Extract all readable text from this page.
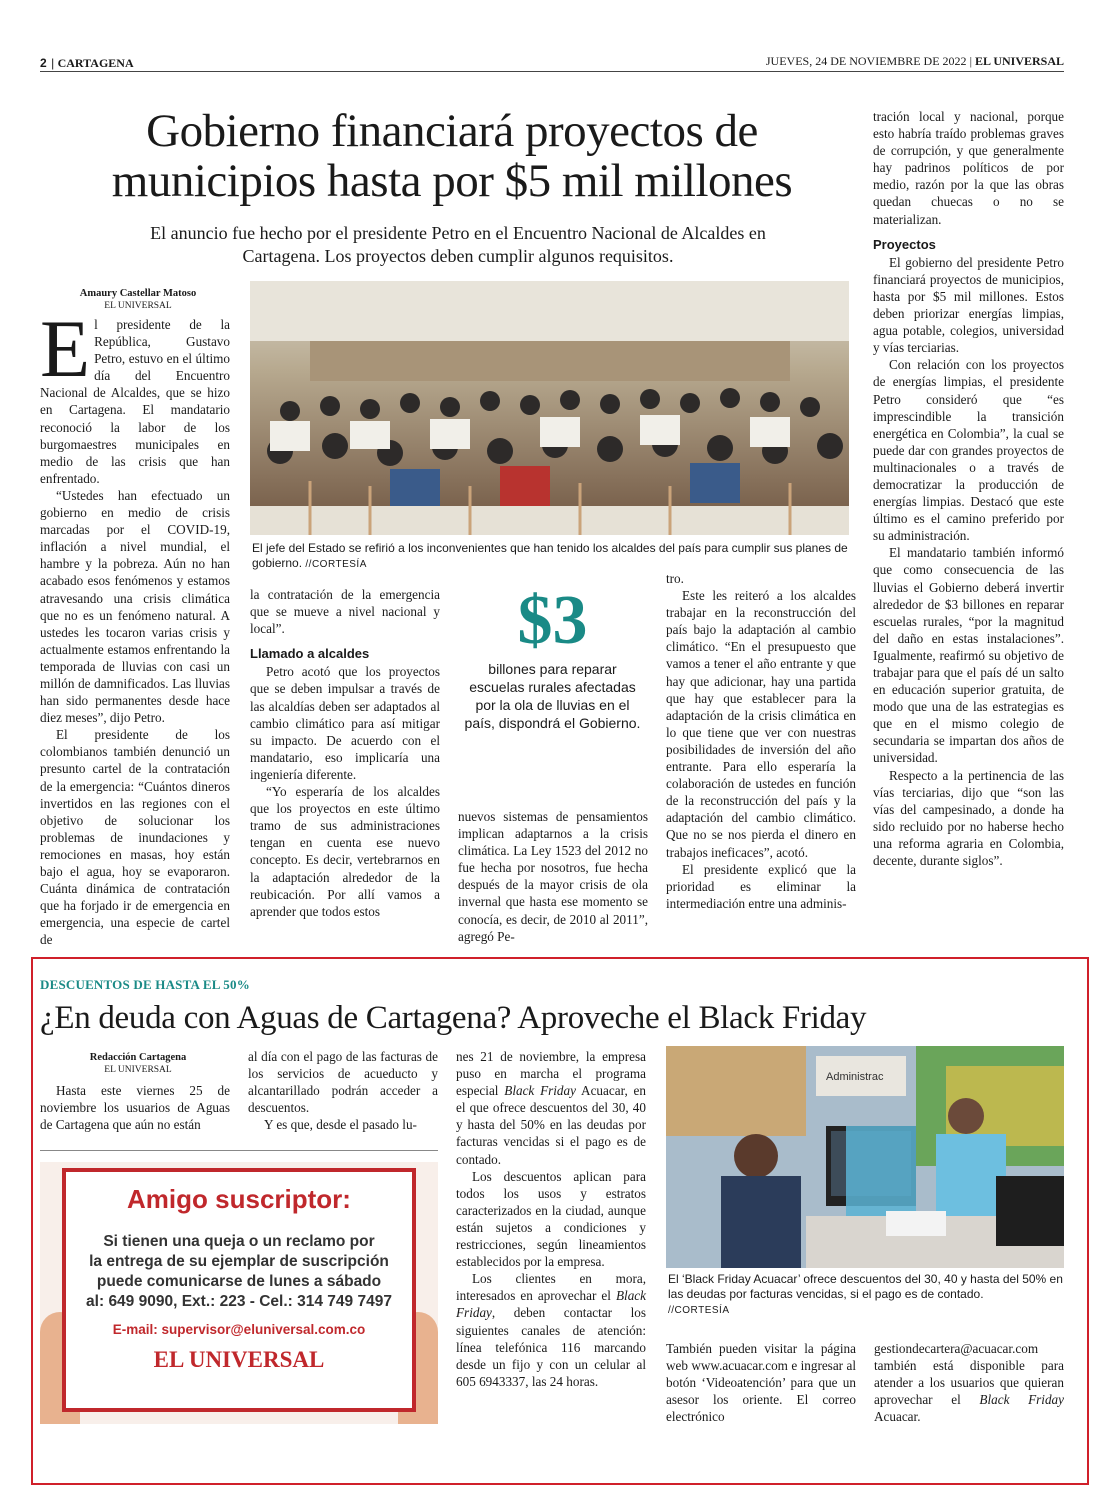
2 | CARTAGENA	JUEVES, 24 DE NOVIEMBRE DE 2022 | EL UNIVERSAL
Gobierno financiará proyectos de municipios hasta por $5 mil millones
El anuncio fue hecho por el presidente Petro en el Encuentro Nacional de Alcaldes en Cartagena. Los proyectos deben cumplir algunos requisitos.
Amaury Castellar Matoso
EL UNIVERSAL
E l presidente de la República, Gustavo Petro, estuvo en el último día del Encuentro Nacional de Alcaldes, que se hizo en Cartagena. El mandatario reconoció la labor de los burgomaestres municipales en medio de las crisis que han enfrentado.

“Ustedes han efectuado un gobierno en medio de crisis marcadas por el COVID-19, inflación a nivel mundial, el hambre y la pobreza. Aún no han acabado esos fenómenos y estamos atravesando una crisis climática que no es un fenómeno natural. A ustedes les tocaron varias crisis y actualmente estamos enfrentando la temporada de lluvias con casi un millón de damnificados. Las lluvias han sido permanentes desde hace diez meses”, dijo Petro.

El presidente de los colombianos también denunció un presunto cartel de la contratación de la emergencia: “Cuántos dineros invertidos en las regiones con el objetivo de solucionar los problemas de inundaciones y remociones en masas, hoy están bajo el agua, hoy se evaporaron. Cuánta dinámica de contratación que ha forjado ir de emergencia en emergencia, una especie de cartel de

El jefe del Estado se refirió a los inconvenientes que han tenido los alcaldes del país para cumplir sus planes de gobierno. //CORTESÍA

la contratación de la emergencia que se mueve a nivel nacional y local”.

Llamado a alcaldes

Petro acotó que los proyectos que se deben impulsar a través de las alcaldías deben ser adaptados al cambio climático para así mitigar su impacto. De acuerdo con el mandatario, eso implicaría una ingeniería diferente.

“Yo esperaría de los alcaldes que los proyectos en este último tramo de sus administraciones tengan en cuenta ese nuevo concepto. Es decir, vertebrarnos en la adaptación alrededor de la reubicación. Por allí vamos a aprender que todos estos

$3
billones para reparar escuelas rurales afectadas por la ola de lluvias en el país, dispondrá el Gobierno.

nuevos sistemas de pensamientos implican adaptarnos a la crisis climática. La Ley 1523 del 2012 no fue hecha por nosotros, fue hecha después de la mayor crisis de ola invernal que hasta ese momento se conocía, es decir, de 2010 al 2011”, agregó Pe-

tro.

Este les reiteró a los alcaldes trabajar en la reconstrucción del país bajo la adaptación al cambio climático. “En el presupuesto que vamos a tener el año entrante y que hay que adicionar, hay una partida que hay que establecer para la adaptación de la crisis climática en lo que tiene que ver con nuestras posibilidades de inversión del año entrante. Para ello esperaría la colaboración de ustedes en función de la reconstrucción del país y la adaptación del cambio climático. Que no se nos pierda el dinero en trabajos ineficaces”, acotó.

El presidente explicó que la prioridad es eliminar la intermediación entre una adminis-

tración local y nacional, porque esto habría traído problemas graves de corrupción, y que generalmente hay padrinos políticos de por medio, razón por la que las obras quedan chuecas o no se materializan.

Proyectos

El gobierno del presidente Petro financiará proyectos de municipios, hasta por $5 mil millones. Estos deben priorizar energías limpias, agua potable, colegios, universidad y vías terciarias.

Con relación con los proyectos de energías limpias, el presidente Petro consideró que “es imprescindible la transición energética en Colombia”, la cual se puede dar con grandes proyectos de multinacionales o a través de democratizar la producción de energías limpias. Destacó que este último es el camino preferido por su administración.

El mandatario también informó que como consecuencia de las lluvias el Gobierno deberá invertir alrededor de $3 billones en reparar escuelas rurales, “por la magnitud del daño en estas instalaciones”. Igualmente, reafirmó su objetivo de trabajar para que el país dé un salto en educación superior gratuita, de modo que una de las estrategias es que en el mismo colegio de secundaria se impartan dos años de universidad.

Respecto a la pertinencia de las vías terciarias, dijo que “son las vías del campesinado, a donde ha sido recluido por no haberse hecho una reforma agraria en Colombia, decente, durante siglos”.

DESCUENTOS DE HASTA EL 50%
¿En deuda con Aguas de Cartagena? Aproveche el Black Friday
Redacción Cartagena
EL UNIVERSAL

Hasta este viernes 25 de noviembre los usuarios de Aguas de Cartagena que aún no están

al día con el pago de las facturas de los servicios de acueducto y alcantarillado podrán acceder a descuentos.

Y es que, desde el pasado lu-

Amigo suscriptor:
Si tienen una queja o un reclamo por
la entrega de su ejemplar de suscripción
puede comunicarse de lunes a sábado
al: 649 9090, Ext.: 223 - Cel.: 314 749 7497
E-mail: supervisor@eluniversal.com.co
EL UNIVERSAL

nes 21 de noviembre, la empresa puso en marcha el programa especial Black Friday Acuacar, en el que ofrece descuentos del 30, 40 y hasta del 50% en las deudas por facturas vencidas si el pago es de contado.

Los descuentos aplican para todos los usos y estratos caracterizados en la ciudad, aunque están sujetos a condiciones y restricciones, según lineamientos establecidos por la empresa.

Los clientes en mora, interesados en aprovechar el Black Friday, deben contactar los siguientes canales de atención: línea telefónica 116 marcando desde un fijo y con un celular al 605 6943337, las 24 horas.

Administrac
El ‘Black Friday Acuacar’ ofrece descuentos del 30, 40 y hasta del 50% en las deudas por facturas vencidas, si el pago es de contado.
//CORTESÍA

También pueden visitar la página web www.acuacar.com e ingresar al botón ‘Videoatención’ para que un asesor los oriente. El correo electrónico

gestiondecartera@acuacar.com también está disponible para atender a los usuarios que quieran aprovechar el Black Friday Acuacar.
